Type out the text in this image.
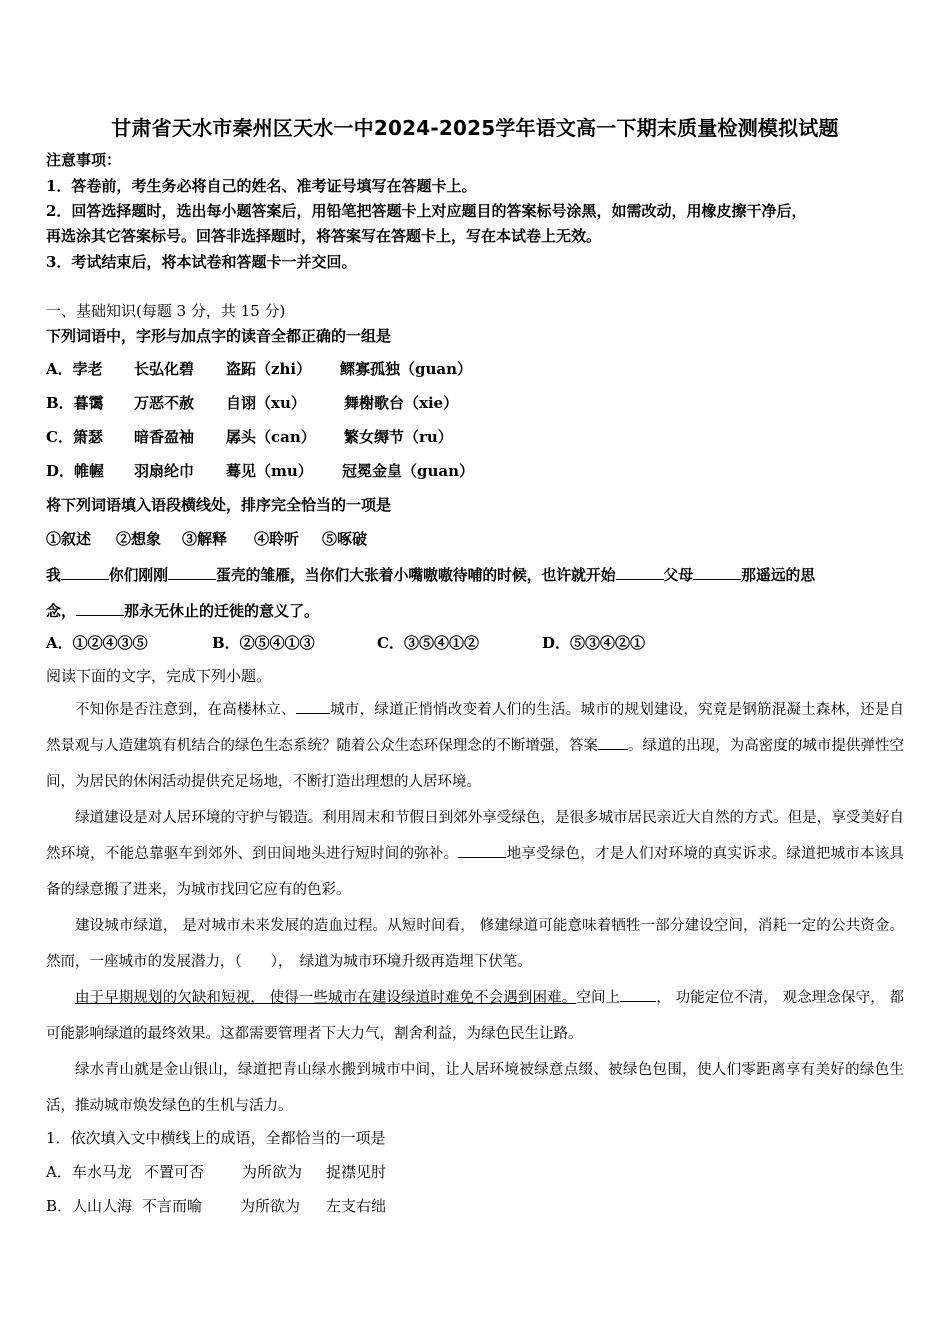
甘肃省天水市秦州区天水一中2024-2025学年语文高一下期末质量检测模拟试题
注意事项：
1．答卷前，考生务必将自己的姓名、准考证号填写在答题卡上。
2．回答选择题时，选出每小题答案后，用铅笔把答题卡上对应题目的答案标号涂黑，如需改动，用橡皮擦干净后，
再选涂其它答案标号。回答非选择题时，将答案写在答题卡上，写在本试卷上无效。
3．考试结束后，将本试卷和答题卡一并交回。
一、基础知识(每题 3 分，共 15 分)
下列词语中，字形与加点字的读音全都正确的一组是
A．孛老 长弘化碧 盗跖（zhi） 鳏寡孤独（guan）
B．暮霭 万恶不赦 自诩（xu）	舞榭歌台（xie）
C．箫瑟 暗香盈袖 孱头（can） 繁女缛节（ru）
D．帷幄 羽扇纶巾 蓦见（mu） 冠冕金皇（guan）
将下列词语填入语段横线处，排序完全恰当的一项是
①叙述 ②想象 ③解释 ④聆听 ⑤啄破
我	你们刚刚	蛋壳的雏雁，当你们大张着小嘴嗷嗷待哺的时候，也许就开始	父母	那遥远的思
念，	那永无休止的迁徙的意义了。
A．①②④③⑤	B．②⑤④①③	C．③⑤④①②	D．⑤③④②①
阅读下面的文字，完成下列小题。
不知你是否注意到，在高楼林立、 城市，绿道正悄悄改变着人们的生活。城市的规划建设，究竟是钢筋混凝土森林，还是自然景观与人造建筑有机结合的绿色生态系统？随着公众生态环保理念的不断增强，答案 。绿道的出现，为高密度的城市提供弹性空间，为居民的休闲活动提供充足场地，不断打造出理想的人居环境。
绿道建设是对人居环境的守护与锻造。利用周末和节假日到郊外享受绿色，是很多城市居民亲近大自然的方式。但是，享受美好自然环境，不能总靠驱车到郊外、到田间地头进行短时间的弥补。	地享受绿色，才是人们对环境的真实诉求。绿道把城市本该具备的绿意搬了进来，为城市找回它应有的色彩。
建设城市绿道， 是对城市未来发展的造血过程。从短时间看， 修建绿道可能意味着牺牲一部分建设空间，消耗一定的公共资金。然而，一座城市的发展潜力，（　　），　绿道为城市环境升级再造埋下伏笔。
由于早期规划的欠缺和短视， 使得一些城市在建设绿道时难免不会遇到困难。空间上 ， 功能定位不清， 观念理念保守， 都可能影响绿道的最终效果。这都需要管理者下大力气，割舍利益，为绿色民生让路。
绿水青山就是金山银山，绿道把青山绿水搬到城市中间，让人居环境被绿意点缀、被绿色包围，使人们零距离享有美好的绿色生活，推动城市焕发绿色的生机与活力。
1．依次填入文中横线上的成语，全都恰当的一项是
A．车水马龙 不置可否	为所欲为 捉襟见肘
B．人山人海 不言而喻	为所欲为 左支右绌
